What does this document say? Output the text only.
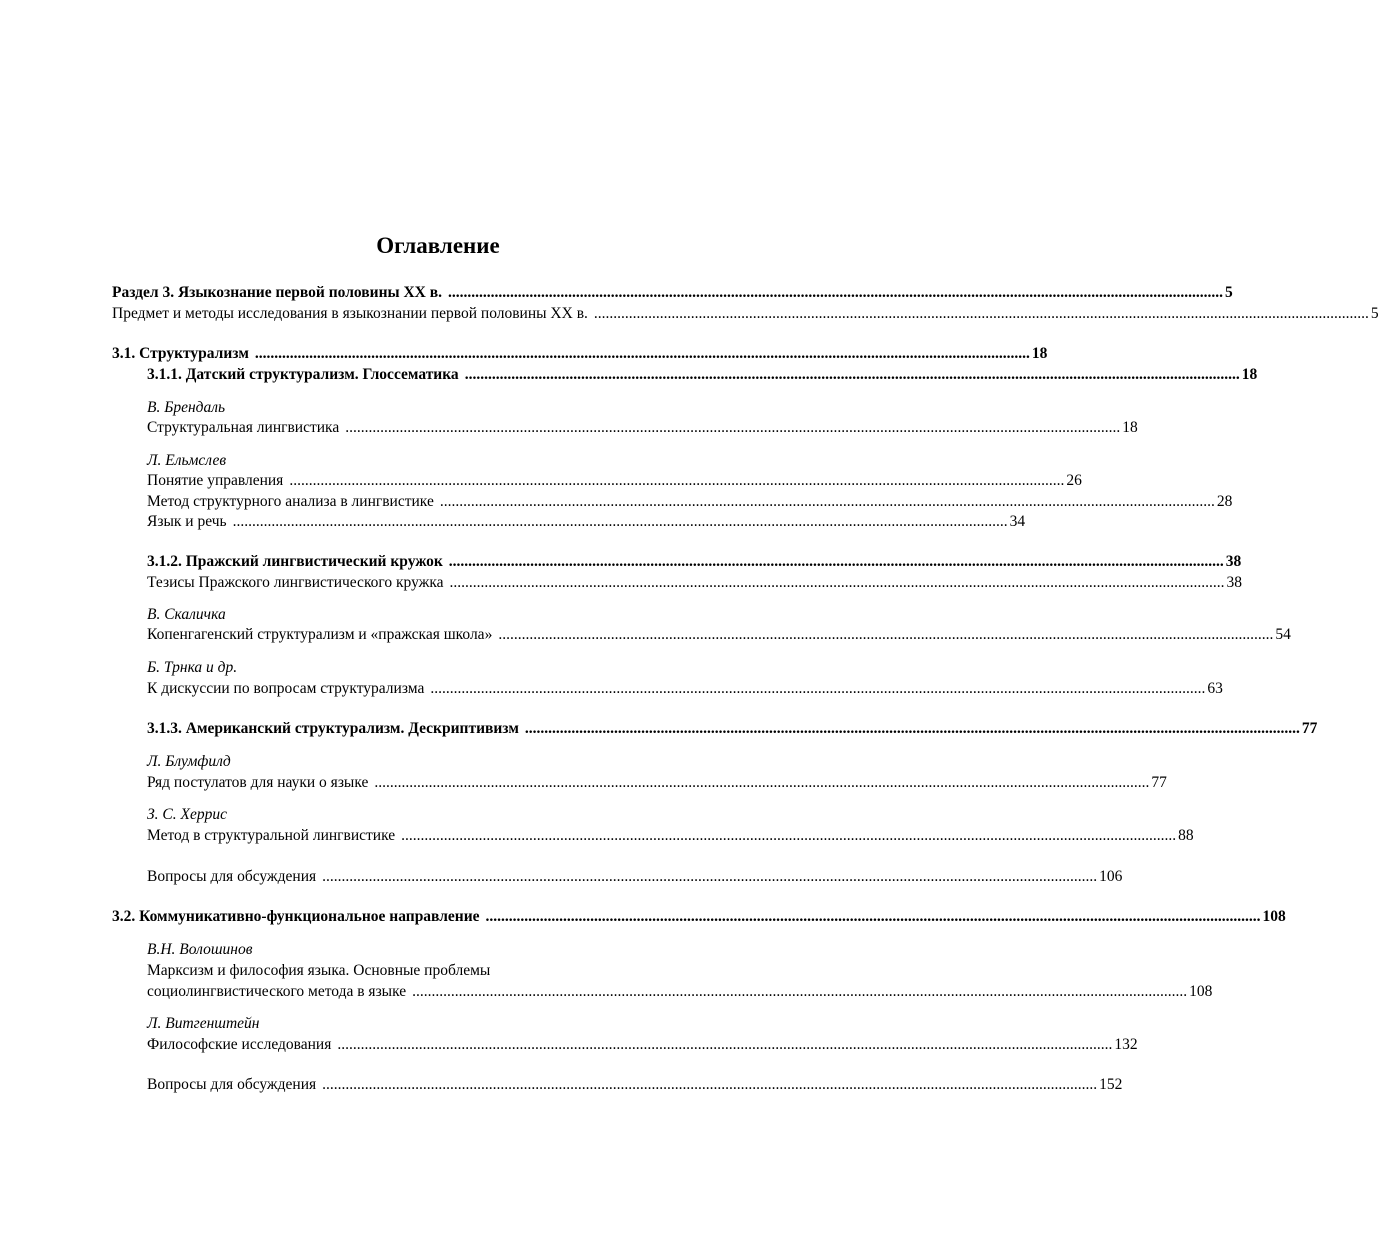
Оглавление
Раздел 3. Языкознание первой половины XX в. ........................................................................................................................................................................................................ 5
Предмет и методы исследования в языкознании первой половины XX в. ........................................................................................................................................................................................................ 5
3.1. Структурализм ........................................................................................................................................................................................................ 18
3.1.1. Датский структурализм. Глоссематика ........................................................................................................................................................................................................ 18
В. Брендаль
Структуральная лингвистика ........................................................................................................................................................................................................ 18
Л. Ельмслев
Понятие управления ........................................................................................................................................................................................................ 26
Метод структурного анализа в лингвистике ........................................................................................................................................................................................................ 28
Язык и речь ........................................................................................................................................................................................................ 34
3.1.2. Пражский лингвистический кружок ........................................................................................................................................................................................................ 38
Тезисы Пражского лингвистического кружка ........................................................................................................................................................................................................ 38
В. Скаличка
Копенгагенский структурализм и «пражская школа» ........................................................................................................................................................................................................ 54
Б. Трнка и др.
К дискуссии по вопросам структурализма ........................................................................................................................................................................................................ 63
3.1.3. Американский структурализм. Дескриптивизм ........................................................................................................................................................................................................ 77
Л. Блумфилд
Ряд постулатов для науки о языке ........................................................................................................................................................................................................ 77
З. С. Херрис
Метод в структуральной лингвистике ........................................................................................................................................................................................................ 88
Вопросы для обсуждения ........................................................................................................................................................................................................ 106
3.2. Коммуникативно-функциональное направление ........................................................................................................................................................................................................ 108
В.Н. Волошинов
Марксизм и философия языка. Основные проблемы
социолингвистического метода в языке ........................................................................................................................................................................................................ 108
Л. Витгенштейн
Философские исследования ........................................................................................................................................................................................................ 132
Вопросы для обсуждения ........................................................................................................................................................................................................ 152
